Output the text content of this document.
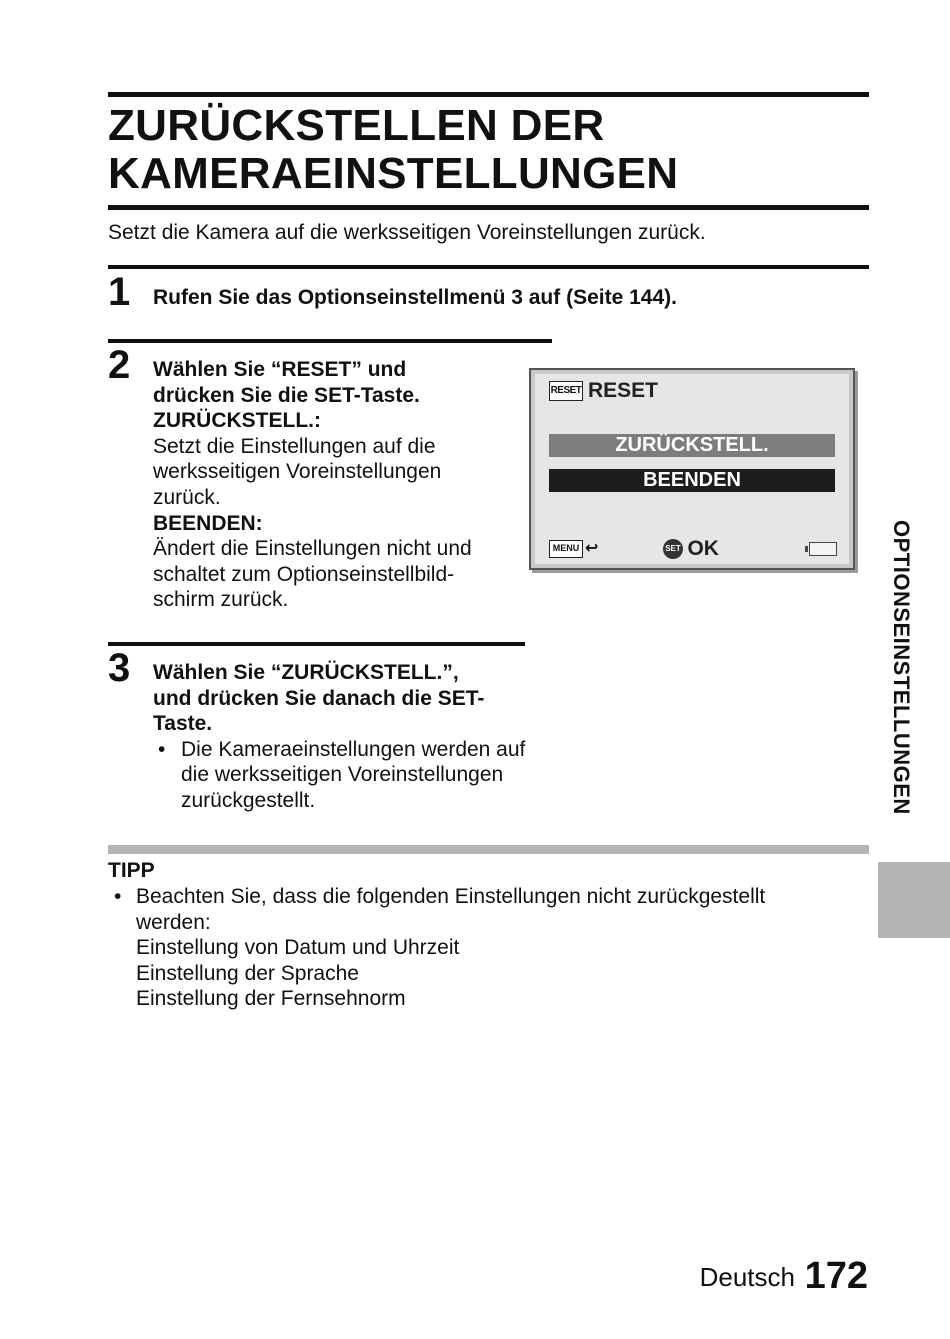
ZURÜCKSTELLEN DER
KAMERAEINSTELLUNGEN
Setzt die Kamera auf die werksseitigen Voreinstellungen zurück.
1 Rufen Sie das Optionseinstellmenü 3 auf (Seite 144).
2 Wählen Sie “RESET” und
drücken Sie die SET-Taste.
ZURÜCKSTELL.:
Setzt die Einstellungen auf die
werksseitigen Voreinstellungen
zurück.
BEENDEN:
Ändert die Einstellungen nicht und
schaltet zum Optionseinstellbild-
schirm zurück.
RESET RESET
ZURÜCKSTELL.
BEENDEN
MENU ↩	SET OK
3 Wählen Sie “ZURÜCKSTELL.”,
und drücken Sie danach die SET-
Taste.
• Die Kameraeinstellungen werden auf
die werksseitigen Voreinstellungen
zurückgestellt.	OPTIONSEINSTELLUNGEN
TIPP
• Beachten Sie, dass die folgenden Einstellungen nicht zurückgestellt
werden:
Einstellung von Datum und Uhrzeit
Einstellung der Sprache
Einstellung der Fernsehnorm
Deutsch 172
